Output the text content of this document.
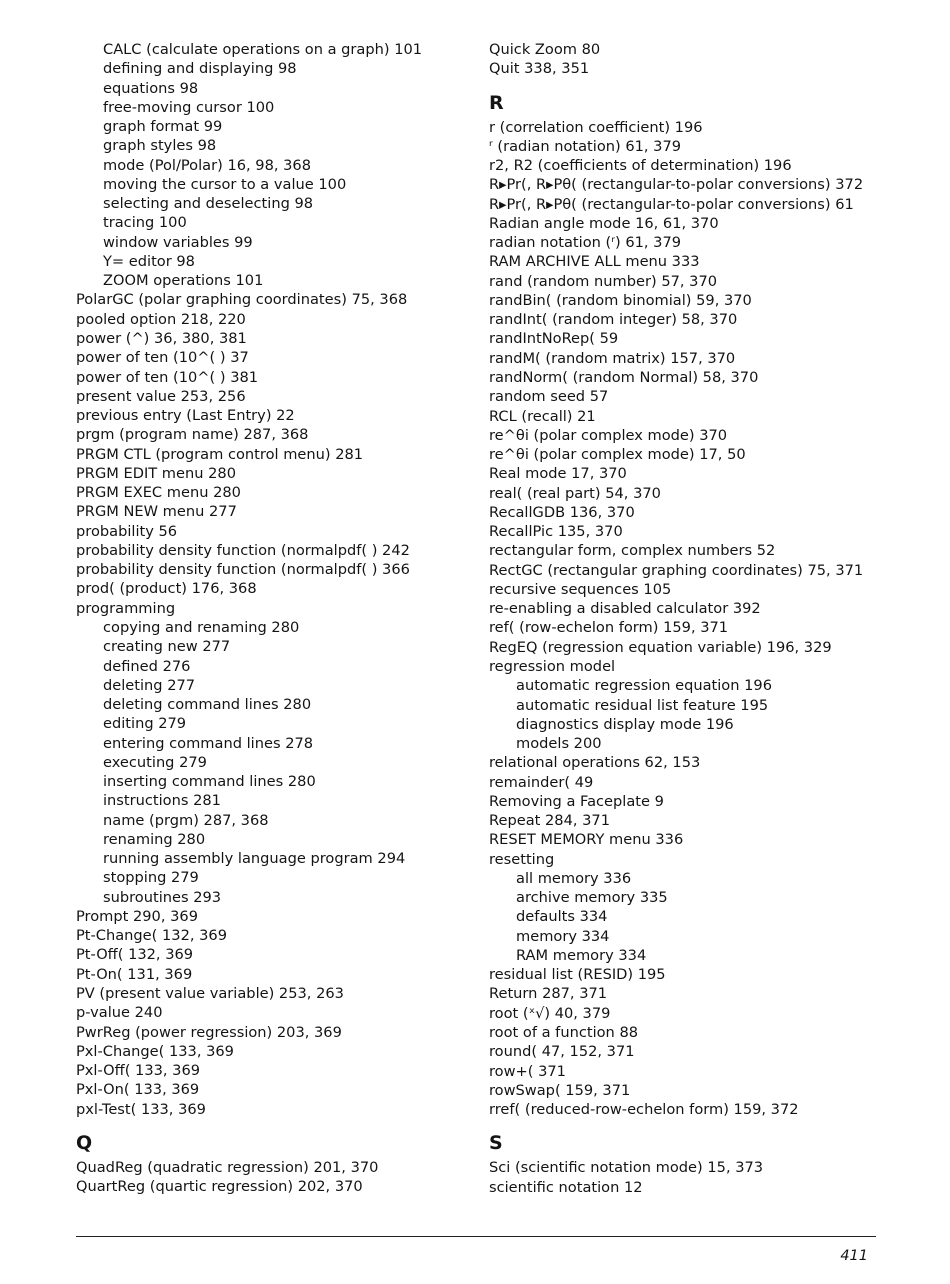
CALC (calculate operations on a graph) 101
defining and displaying 98
equations 98
free-moving cursor 100
graph format 99
graph styles 98
mode (Pol/Polar) 16, 98, 368
moving the cursor to a value 100
selecting and deselecting 98
tracing 100
window variables 99
Y= editor 98
ZOOM operations 101
PolarGC (polar graphing coordinates) 75, 368
pooled option 218, 220
power (^) 36, 380, 381
power of ten (10^( ) 37
power of ten (10^( ) 381
present value 253, 256
previous entry (Last Entry) 22
prgm (program name) 287, 368
PRGM CTL (program control menu) 281
PRGM EDIT menu 280
PRGM EXEC menu 280
PRGM NEW menu 277
probability 56
probability density function (normalpdf( ) 242
probability density function (normalpdf( ) 366
prod( (product) 176, 368
programming
copying and renaming 280
creating new 277
defined 276
deleting 277
deleting command lines 280
editing 279
entering command lines 278
executing 279
inserting command lines 280
instructions 281
name (prgm) 287, 368
renaming 280
running assembly language program 294
stopping 279
subroutines 293
Prompt 290, 369
Pt-Change( 132, 369
Pt-Off( 132, 369
Pt-On( 131, 369
PV (present value variable) 253, 263
p-value 240
PwrReg (power regression) 203, 369
Pxl-Change( 133, 369
Pxl-Off( 133, 369
Pxl-On( 133, 369
pxl-Test( 133, 369
Q
QuadReg (quadratic regression) 201, 370
QuartReg (quartic regression) 202, 370
Quick Zoom 80
Quit 338, 351
R
r (correlation coefficient) 196
ʳ (radian notation) 61, 379
r2, R2 (coefficients of determination) 196
R▸Pr(, R▸Pθ( (rectangular-to-polar conversions) 372
R▸Pr(, R▸Pθ( (rectangular-to-polar conversions) 61
Radian angle mode 16, 61, 370
radian notation (ʳ) 61, 379
RAM ARCHIVE ALL menu 333
rand (random number) 57, 370
randBin( (random binomial) 59, 370
randInt( (random integer) 58, 370
randIntNoRep( 59
randM( (random matrix) 157, 370
randNorm( (random Normal) 58, 370
random seed 57
RCL (recall) 21
re^θi (polar complex mode) 370
re^θi (polar complex mode) 17, 50
Real mode 17, 370
real( (real part) 54, 370
RecallGDB 136, 370
RecallPic 135, 370
rectangular form, complex numbers 52
RectGC (rectangular graphing coordinates) 75, 371
recursive sequences 105
re-enabling a disabled calculator 392
ref( (row-echelon form) 159, 371
RegEQ (regression equation variable) 196, 329
regression model
automatic regression equation 196
automatic residual list feature 195
diagnostics display mode 196
models 200
relational operations 62, 153
remainder( 49
Removing a Faceplate 9
Repeat 284, 371
RESET MEMORY menu 336
resetting
all memory 336
archive memory 335
defaults 334
memory 334
RAM memory 334
residual list (RESID) 195
Return 287, 371
root (ˣ√) 40, 379
root of a function 88
round( 47, 152, 371
row+( 371
rowSwap( 159, 371
rref( (reduced-row-echelon form) 159, 372
S
Sci (scientific notation mode) 15, 373
scientific notation 12
411
